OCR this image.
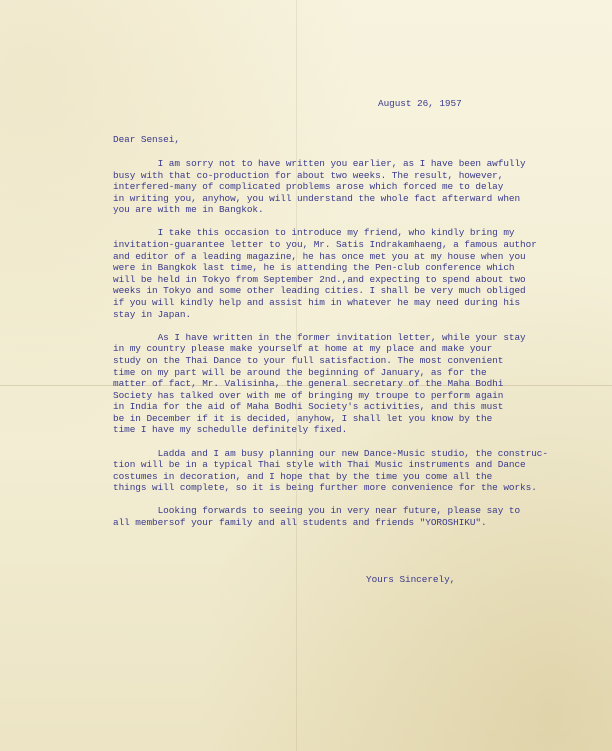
August 26, 1957
Dear Sensei,
I am sorry not to have written you earlier, as I have been awfully
busy with that co-production for about two weeks. The result, however,
interfered-many of complicated problems arose which forced me to delay
in writing you, anyhow, you will understand the whole fact afterward when
you are with me in Bangkok.
I take this occasion to introduce my friend, who kindly bring my
invitation-guarantee letter to you, Mr. Satis Indrakamhaeng, a famous author
and editor of a leading magazine, he has once met you at my house when you
were in Bangkok last time, he is attending the Pen-club conference which
will be held in Tokyo from September 2nd.,and expecting to spend about two
weeks in Tokyo and some other leading cities. I shall be very much obliged
if you will kindly help and assist him in whatever he may need during his
stay in Japan.
As I have written in the former invitation letter, while your stay
in my country please make yourself at home at my place and make your
study on the Thai Dance to your full satisfaction. The most convenient
time on my part will be around the beginning of January, as for the
matter of fact, Mr. Valisinha, the general secretary of the Maha Bodhi
Society has talked over with me of bringing my troupe to perform again
in India for the aid of Maha Bodhi Society's activities, and this must
be in December if it is decided, anyhow, I shall let you know by the
time I have my schedulle definitely fixed.
Ladda and I am busy planning our new Dance-Music studio, the construc-
tion will be in a typical Thai style with Thai Music instruments and Dance
costumes in decoration, and I hope that by the time you come all the
things will complete, so it is being further more convenience for the works.
Looking forwards to seeing you in very near future, please say to
all membersof your family and all students and friends "YOROSHIKU".
Yours Sincerely,
